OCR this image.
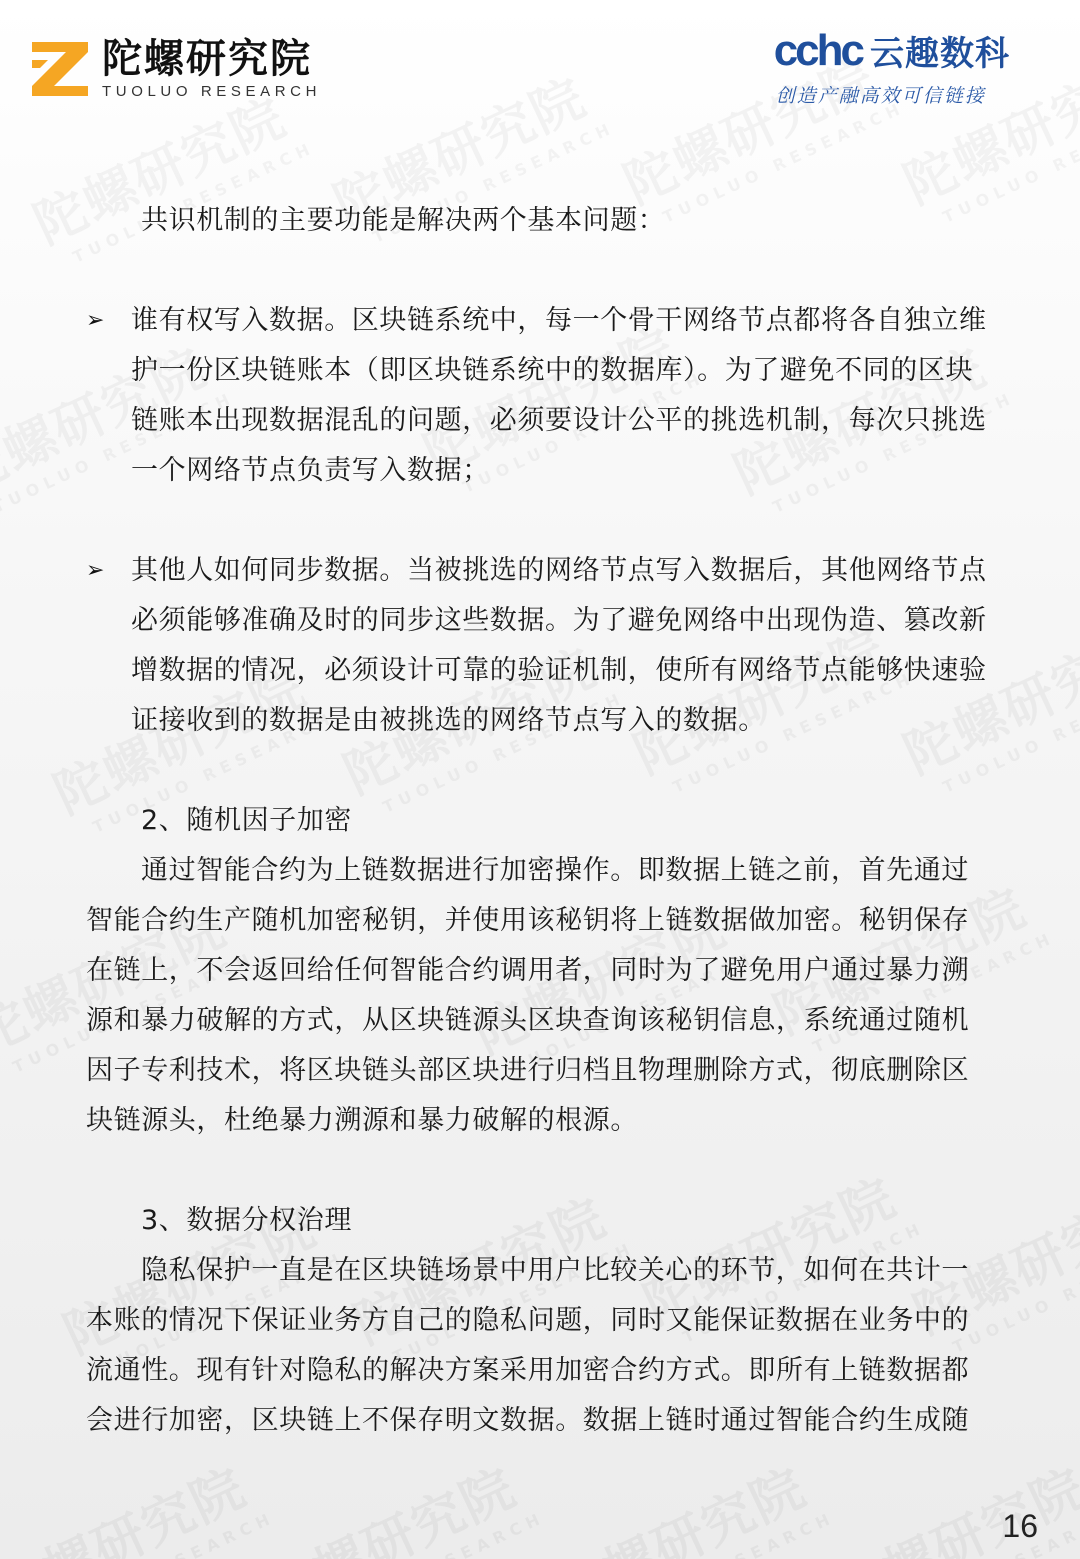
陀螺研究院
TUOLUO RESEARCH
cchc 云趣数科
创造产融高效可信链接

共识机制的主要功能是解决两个基本问题：

➢ 谁有权写入数据。区块链系统中，每一个骨干网络节点都将各自独立维护一份区块链账本（即区块链系统中的数据库）。为了避免不同的区块链账本出现数据混乱的问题，必须要设计公平的挑选机制，每次只挑选一个网络节点负责写入数据；

➢ 其他人如何同步数据。当被挑选的网络节点写入数据后，其他网络节点必须能够准确及时的同步这些数据。为了避免网络中出现伪造、篡改新增数据的情况，必须设计可靠的验证机制，使所有网络节点能够快速验证接收到的数据是由被挑选的网络节点写入的数据。

2、随机因子加密

通过智能合约为上链数据进行加密操作。即数据上链之前，首先通过智能合约生产随机加密秘钥，并使用该秘钥将上链数据做加密。秘钥保存在链上，不会返回给任何智能合约调用者，同时为了避免用户通过暴力溯源和暴力破解的方式，从区块链源头区块查询该秘钥信息，系统通过随机因子专利技术，将区块链头部区块进行归档且物理删除方式，彻底删除区块链源头，杜绝暴力溯源和暴力破解的根源。

3、数据分权治理

隐私保护一直是在区块链场景中用户比较关心的环节，如何在共计一本账的情况下保证业务方自己的隐私问题，同时又能保证数据在业务中的流通性。现有针对隐私的解决方案采用加密合约方式。即所有上链数据都会进行加密，区块链上不保存明文数据。数据上链时通过智能合约生成随

16
